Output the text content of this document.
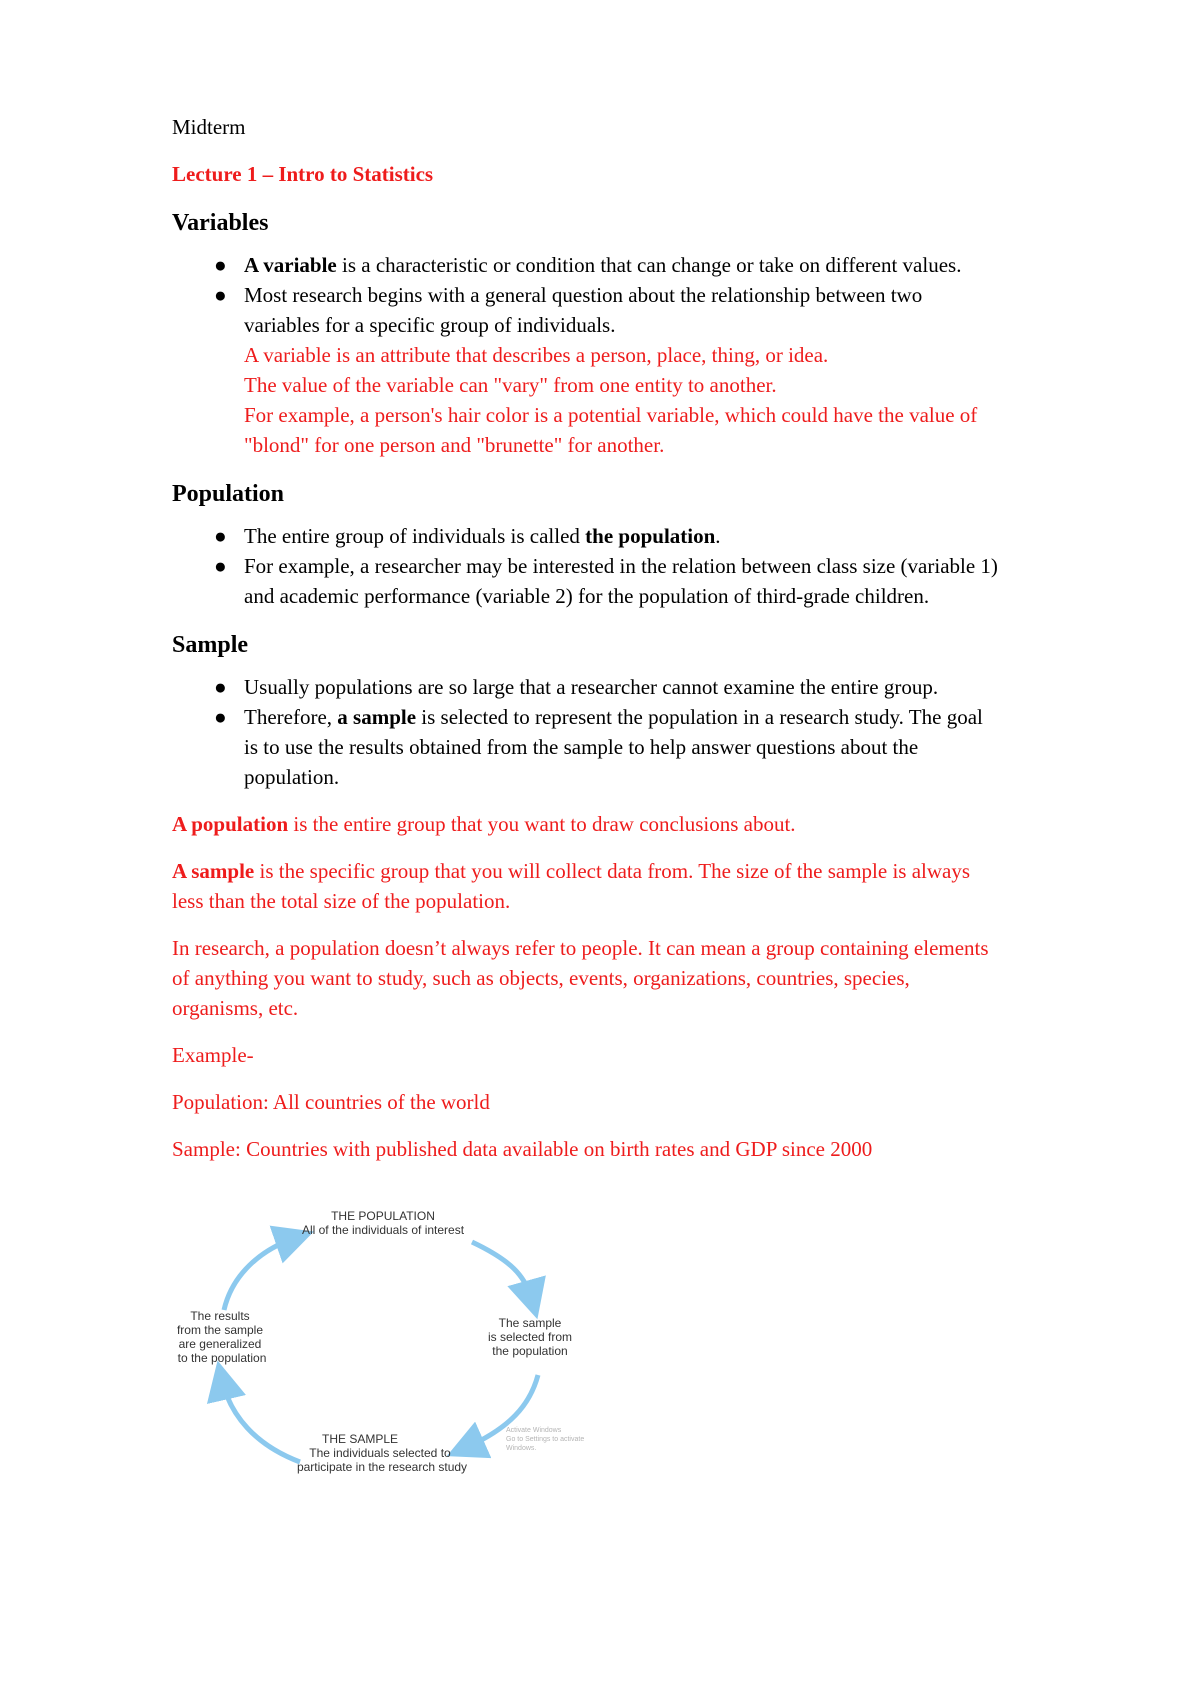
Midterm

Lecture 1 – Intro to Statistics

Variables
● A variable is a characteristic or condition that can change or take on different values.
● Most research begins with a general question about the relationship between two
variables for a specific group of individuals.
A variable is an attribute that describes a person, place, thing, or idea.
The value of the variable can "vary" from one entity to another.
For example, a person's hair color is a potential variable, which could have the value of
"blond" for one person and "brunette" for another.
Population
● The entire group of individuals is called the population.
● For example, a researcher may be interested in the relation between class size (variable 1)
and academic performance (variable 2) for the population of third-grade children.
Sample
● Usually populations are so large that a researcher cannot examine the entire group.
● Therefore, a sample is selected to represent the population in a research study. The goal
is to use the results obtained from the sample to help answer questions about the
population.

A population is the entire group that you want to draw conclusions about.

A sample is the specific group that you will collect data from. The size of the sample is always
less than the total size of the population.

In research, a population doesn’t always refer to people. It can mean a group containing elements
of anything you want to study, such as objects, events, organizations, countries, species,
organisms, etc.

Example-

Population: All countries of the world

Sample: Countries with published data available on birth rates and GDP since 2000

THE POPULATION
All of the individuals of interest
The sample
is selected from
the population
THE SAMPLE
The individuals selected to
participate in the research study
The results
from the sample
are generalized
to the population
Activate Windows
Go to Settings to activate
Windows.
